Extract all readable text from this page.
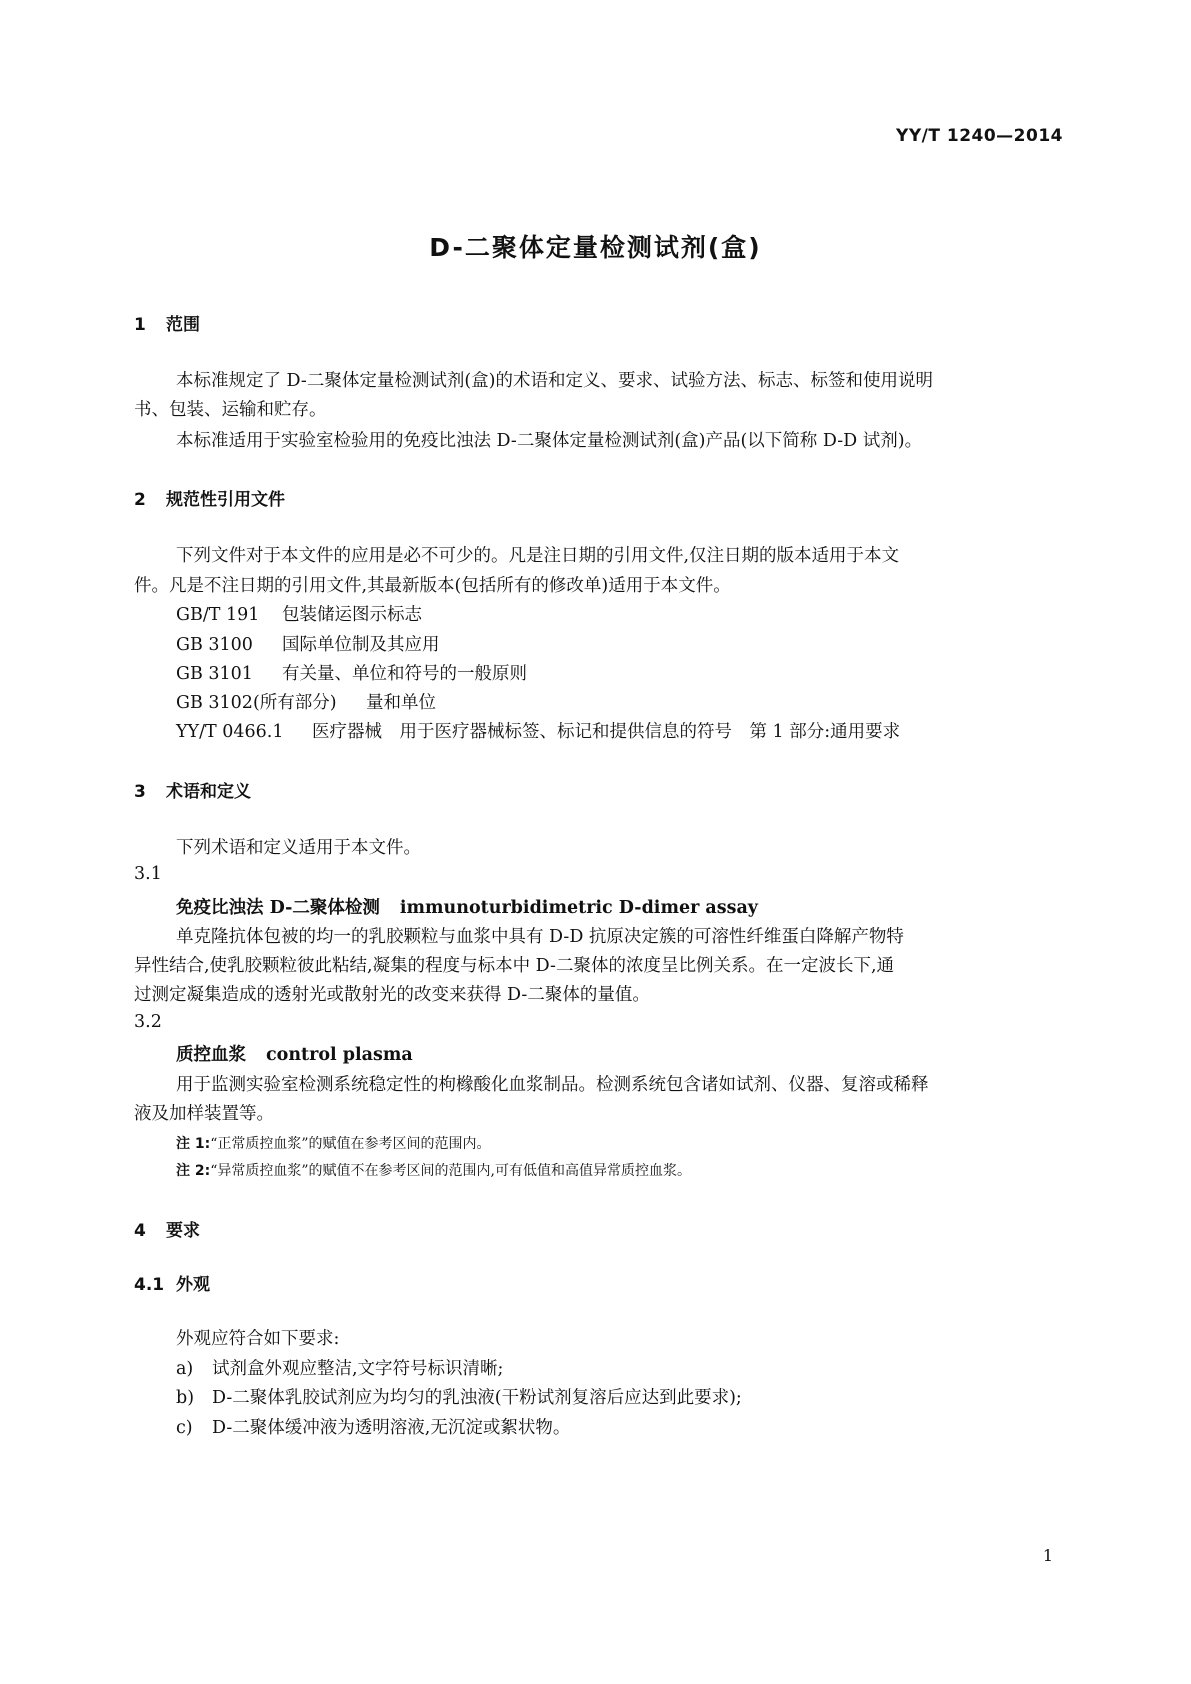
YY/T 1240—2014
D-二聚体定量检测试剂(盒)
1 范围
本标准规定了 D-二聚体定量检测试剂(盒)的术语和定义、要求、试验方法、标志、标签和使用说明
书、包装、运输和贮存。
本标准适用于实验室检验用的免疫比浊法 D-二聚体定量检测试剂(盒)产品(以下简称 D-D 试剂)。
2 规范性引用文件
下列文件对于本文件的应用是必不可少的。凡是注日期的引用文件,仅注日期的版本适用于本文
件。凡是不注日期的引用文件,其最新版本(包括所有的修改单)适用于本文件。
GB/T 191 包装储运图示标志
GB 3100 国际单位制及其应用
GB 3101 有关量、单位和符号的一般原则
GB 3102(所有部分) 量和单位
YY/T 0466.1 医疗器械　用于医疗器械标签、标记和提供信息的符号　第 1 部分:通用要求
3 术语和定义
下列术语和定义适用于本文件。
3.1
免疫比浊法 D-二聚体检测 immunoturbidimetric D-dimer assay
单克隆抗体包被的均一的乳胶颗粒与血浆中具有 D-D 抗原决定簇的可溶性纤维蛋白降解产物特
异性结合,使乳胶颗粒彼此粘结,凝集的程度与标本中 D-二聚体的浓度呈比例关系。在一定波长下,通
过测定凝集造成的透射光或散射光的改变来获得 D-二聚体的量值。
3.2
质控血浆 control plasma
用于监测实验室检测系统稳定性的枸橼酸化血浆制品。检测系统包含诸如试剂、仪器、复溶或稀释
液及加样装置等。
注 1:“正常质控血浆”的赋值在参考区间的范围内。
注 2:“异常质控血浆”的赋值不在参考区间的范围内,可有低值和高值异常质控血浆。
4 要求
4.1 外观
外观应符合如下要求:
a) 试剂盒外观应整洁,文字符号标识清晰;
b) D-二聚体乳胶试剂应为均匀的乳浊液(干粉试剂复溶后应达到此要求);
c) D-二聚体缓冲液为透明溶液,无沉淀或絮状物。
1
